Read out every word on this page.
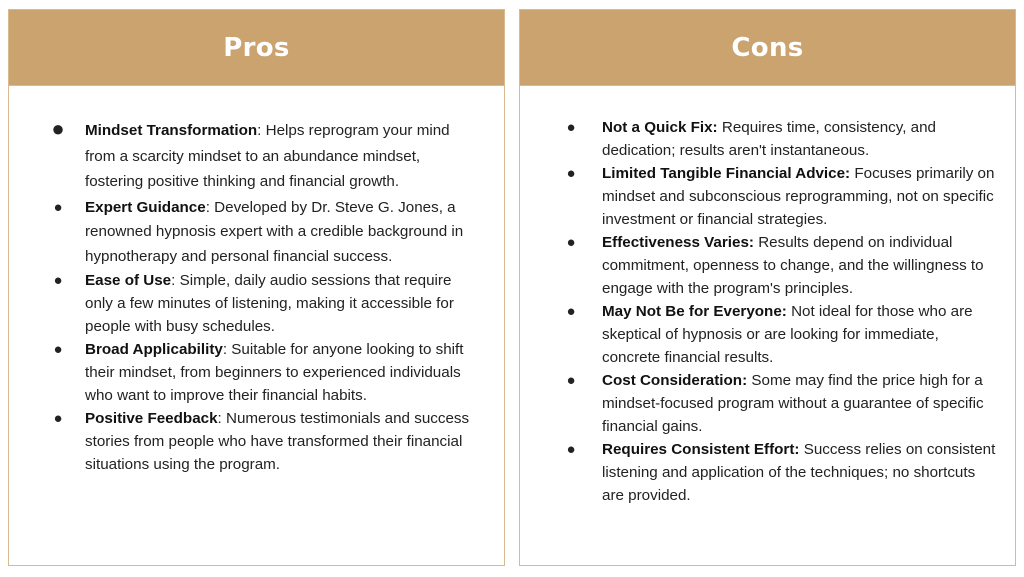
Pros
●	Mindset Transformation: Helps reprogram your mind from a scarcity mindset to an abundance mindset, fostering positive thinking and financial growth.
●	Expert Guidance: Developed by Dr. Steve G. Jones, a renowned hypnosis expert with a credible background in hypnotherapy and personal financial success.
●	Ease of Use: Simple, daily audio sessions that require only a few minutes of listening, making it accessible for people with busy schedules.
●	Broad Applicability: Suitable for anyone looking to shift their mindset, from beginners to experienced individuals who want to improve their financial habits.
●	Positive Feedback: Numerous testimonials and success stories from people who have transformed their financial situations using the program.
Cons
●	Not a Quick Fix: Requires time, consistency, and dedication; results aren't instantaneous.
●	Limited Tangible Financial Advice: Focuses primarily on mindset and subconscious reprogramming, not on specific investment or financial strategies.
●	Effectiveness Varies: Results depend on individual commitment, openness to change, and the willingness to engage with the program's principles.
●	May Not Be for Everyone: Not ideal for those who are skeptical of hypnosis or are looking for immediate, concrete financial results.
●	Cost Consideration: Some may find the price high for a mindset-focused program without a guarantee of specific financial gains.
●	Requires Consistent Effort: Success relies on consistent listening and application of the techniques; no shortcuts are provided.
